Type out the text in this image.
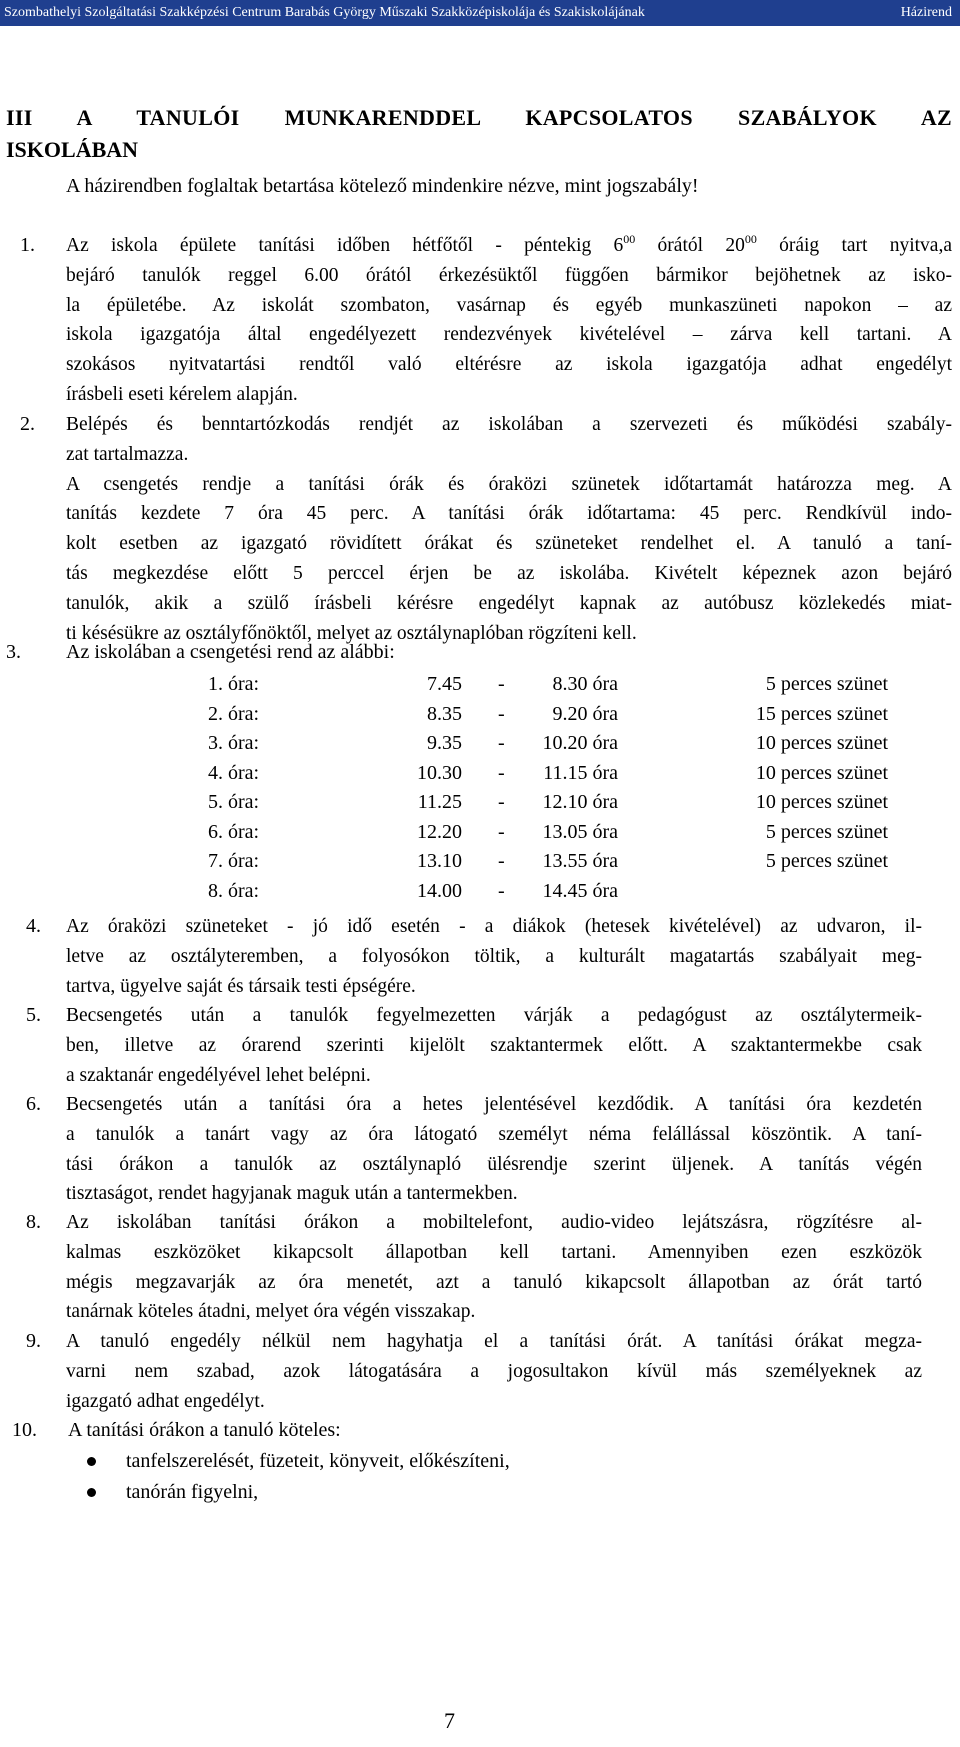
Szombathelyi Szolgáltatási Szakképzési Centrum Barabás György Műszaki Szakközépiskolája és Szakiskolájának	Házirend
III A TANULÓI MUNKARENDDEL KAPCSOLATOS SZABÁLYOK AZ
ISKOLÁBAN
A házirendben foglaltak betartása kötelező mindenkire nézve, mint jogszabály!
1. Az iskola épülete tanítási időben hétfőtől - péntekig $6^{00}$ órától $20^{00}$ óráig tart nyitva,a
bejáró tanulók reggel 6.00 órától érkezésüktől függően bármikor bejöhetnek az isko-
la épületébe. Az iskolát szombaton, vasárnap és egyéb munkaszüneti napokon – az
iskola igazgatója által engedélyezett rendezvények kivételével – zárva kell tartani. A
szokásos nyitvatartási rendtől való eltérésre az iskola igazgatója adhat engedélyt
írásbeli eseti kérelem alapján.
2. Belépés és benntartózkodás rendjét az iskolában a szervezeti és működési szabály-
zat tartalmazza.
A csengetés rendje a tanítási órák és óraközi szünetek időtartamát határozza meg. A
tanítás kezdete 7 óra 45 perc. A tanítási órák időtartama: 45 perc. Rendkívül indo-
kolt esetben az igazgató rövidített órákat és szüneteket rendelhet el. A tanuló a taní-
tás megkezdése előtt 5 perccel érjen be az iskolába. Kivételt képeznek azon bejáró
tanulók, akik a szülő írásbeli kérésre engedélyt kapnak az autóbusz közlekedés miat-
ti késésükre az osztályfőnöktől, melyet az osztálynaplóban rögzíteni kell.
3. Az iskolában a csengetési rend az alábbi:
1. óra:	7.45 - 8.30 óra	5 perces szünet
2. óra:	8.35 - 9.20 óra	15 perces szünet
3. óra:	9.35 - 10.20 óra	10 perces szünet
4. óra:	10.30 - 11.15 óra	10 perces szünet
5. óra:	11.25 - 12.10 óra	10 perces szünet
6. óra:	12.20 - 13.05 óra	5 perces szünet
7. óra:	13.10 - 13.55 óra	5 perces szünet
8. óra:	14.00 - 14.45 óra
4. Az óraközi szüneteket - jó idő esetén - a diákok (hetesek kivételével) az udvaron, il-
letve az osztályteremben, a folyosókon töltik, a kulturált magatartás szabályait meg-
tartva, ügyelve saját és társaik testi épségére.
5. Becsengetés után a tanulók fegyelmezetten várják a pedagógust az osztálytermeik-
ben, illetve az órarend szerinti kijelölt szaktantermek előtt. A szaktantermekbe csak
a szaktanár engedélyével lehet belépni.
6. Becsengetés után a tanítási óra a hetes jelentésével kezdődik. A tanítási óra kezdetén
a tanulók a tanárt vagy az óra látogató személyt néma felállással köszöntik. A taní-
tási órákon a tanulók az osztálynapló ülésrendje szerint üljenek. A tanítás végén
tisztaságot, rendet hagyjanak maguk után a tantermekben.
8. Az iskolában tanítási órákon a mobiltelefont, audio-video lejátszásra, rögzítésre al-
kalmas eszközöket kikapcsolt állapotban kell tartani. Amennyiben ezen eszközök
mégis megzavarják az óra menetét, azt a tanuló kikapcsolt állapotban az órát tartó
tanárnak köteles átadni, melyet óra végén visszakap.
9. A tanuló engedély nélkül nem hagyhatja el a tanítási órát. A tanítási órákat megza-
varni nem szabad, azok látogatására a jogosultakon kívül más személyeknek az
igazgató adhat engedélyt.
10. A tanítási órákon a tanuló köteles:
tanfelszerelését, füzeteit, könyveit, előkészíteni,
tanórán figyelni,
7
